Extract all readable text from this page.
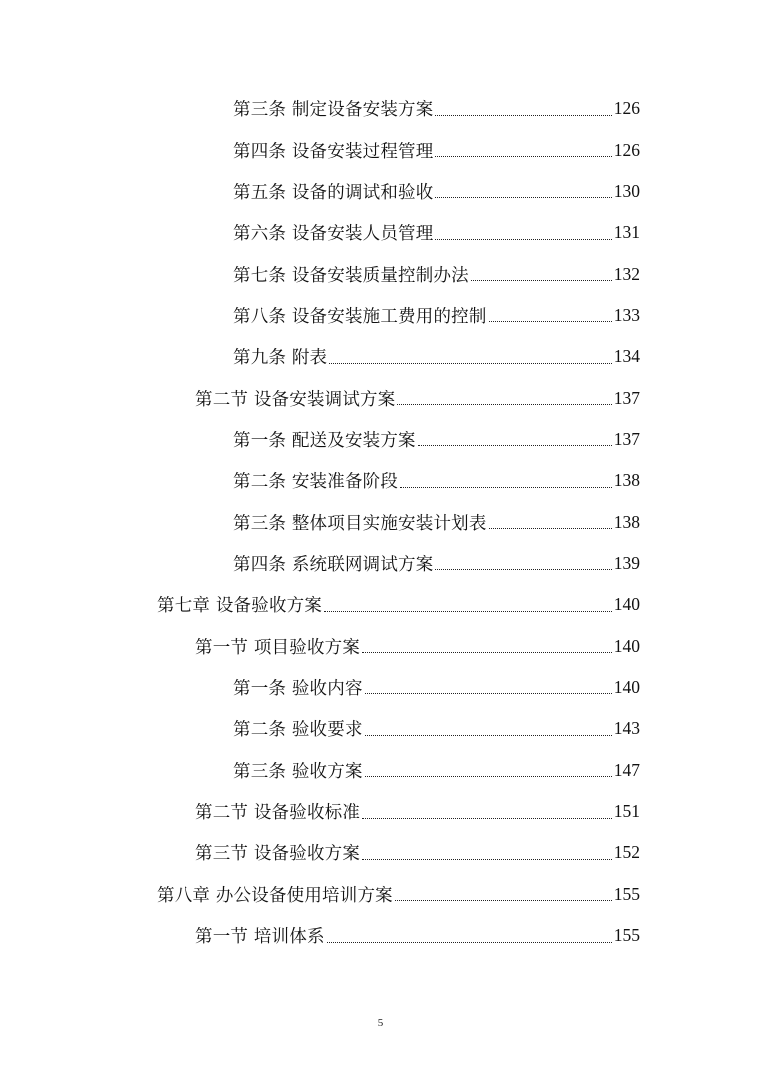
第三条 制定设备安装方案	126
第四条 设备安装过程管理	126
第五条 设备的调试和验收	130
第六条 设备安装人员管理	131
第七条 设备安装质量控制办法	132
第八条 设备安装施工费用的控制	133
第九条 附表	134
第二节 设备安装调试方案	137
第一条 配送及安装方案	137
第二条 安装准备阶段	138
第三条 整体项目实施安装计划表	138
第四条 系统联网调试方案	139
第七章 设备验收方案	140
第一节 项目验收方案	140
第一条 验收内容	140
第二条 验收要求	143
第三条 验收方案	147
第二节 设备验收标准	151
第三节 设备验收方案	152
第八章 办公设备使用培训方案	155
第一节 培训体系	155
5
